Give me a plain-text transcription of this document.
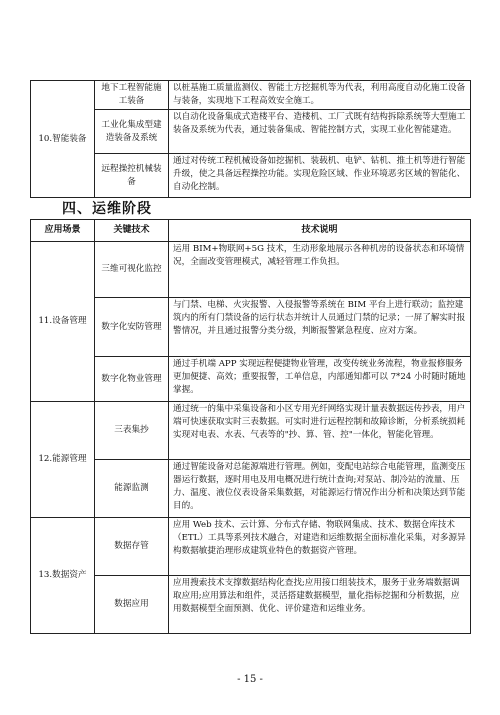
10.智能装备	地下工程智能施工装备	以桩基施工质量监测仪、智能土方挖掘机等为代表，利用高度自动化施工设备与装备，实现地下工程高效安全施工。
	工业化集成型建造装备及系统	以自动化设备集成式造楼平台、造楼机、工厂式既有结构拆除系统等大型施工装备及系统为代表，通过装备集成、智能控制方式，实现工业化智能建造。
	远程操控机械装备	通过对传统工程机械设备如挖掘机、装载机、电铲、钻机、推土机等进行智能升级，使之具备远程操控功能。实现危险区域、作业环境恶劣区域的智能化、自动化控制。
四、运维阶段
应用场景	关键技术	技术说明
11.设备管理	三维可视化监控	运用 BIM+物联网+5G 技术，生动形象地展示各种机房的设备状态和环境情况，全面改变管理模式，减轻管理工作负担。
	数字化安防管理	与门禁、电梯、火灾报警、入侵报警等系统在 BIM 平台上进行联动；监控建筑内的所有门禁设备的运行状态并统计人员通过门禁的记录；一屏了解实时报警情况，并且通过报警分类分级，判断报警紧急程度、应对方案。
	数字化物业管理	通过手机端 APP 实现远程便捷物业管理，改变传统业务流程，物业报修服务更加便捷、高效；重要报警，工单信息，内部通知都可以 7*24 小时随时随地掌握。
12.能源管理	三表集抄	通过统一的集中采集设备和小区专用光纤网络实现计量表数据远传抄表，用户端可快速获取实时三表数据。可实时进行远程控制和故障诊断，分析系统损耗实现对电表、水表、气表等的"抄、算、管、控"一体化，智能化管理。
	能源监测	通过智能设备对总能源端进行管理。例如，变配电站综合电能管理，监测变压器运行数据，逐时用电及用电概况进行统计查询;对泵站、制冷站的流量、压力、温度、液位仪表设备采集数据，对能源运行情况作出分析和决策达到节能目的。
13.数据资产	数据存管	应用 Web 技术、云计算、分布式存储、物联网集成、技术、数据仓库技术（ETL）工具等系列技术融合，对建造和运维数据全面标准化采集，对多源异构数据敏捷治理形成建筑业特色的数据资产管理。
	数据应用	应用搜索技术支撑数据结构化查找;应用接口组装技术，服务于业务端数据调取应用;应用算法和组件，灵活搭建数据模型，量化指标挖掘和分析数据，应用数据模型全面预测、优化、评价建造和运维业务。
- 15 -
